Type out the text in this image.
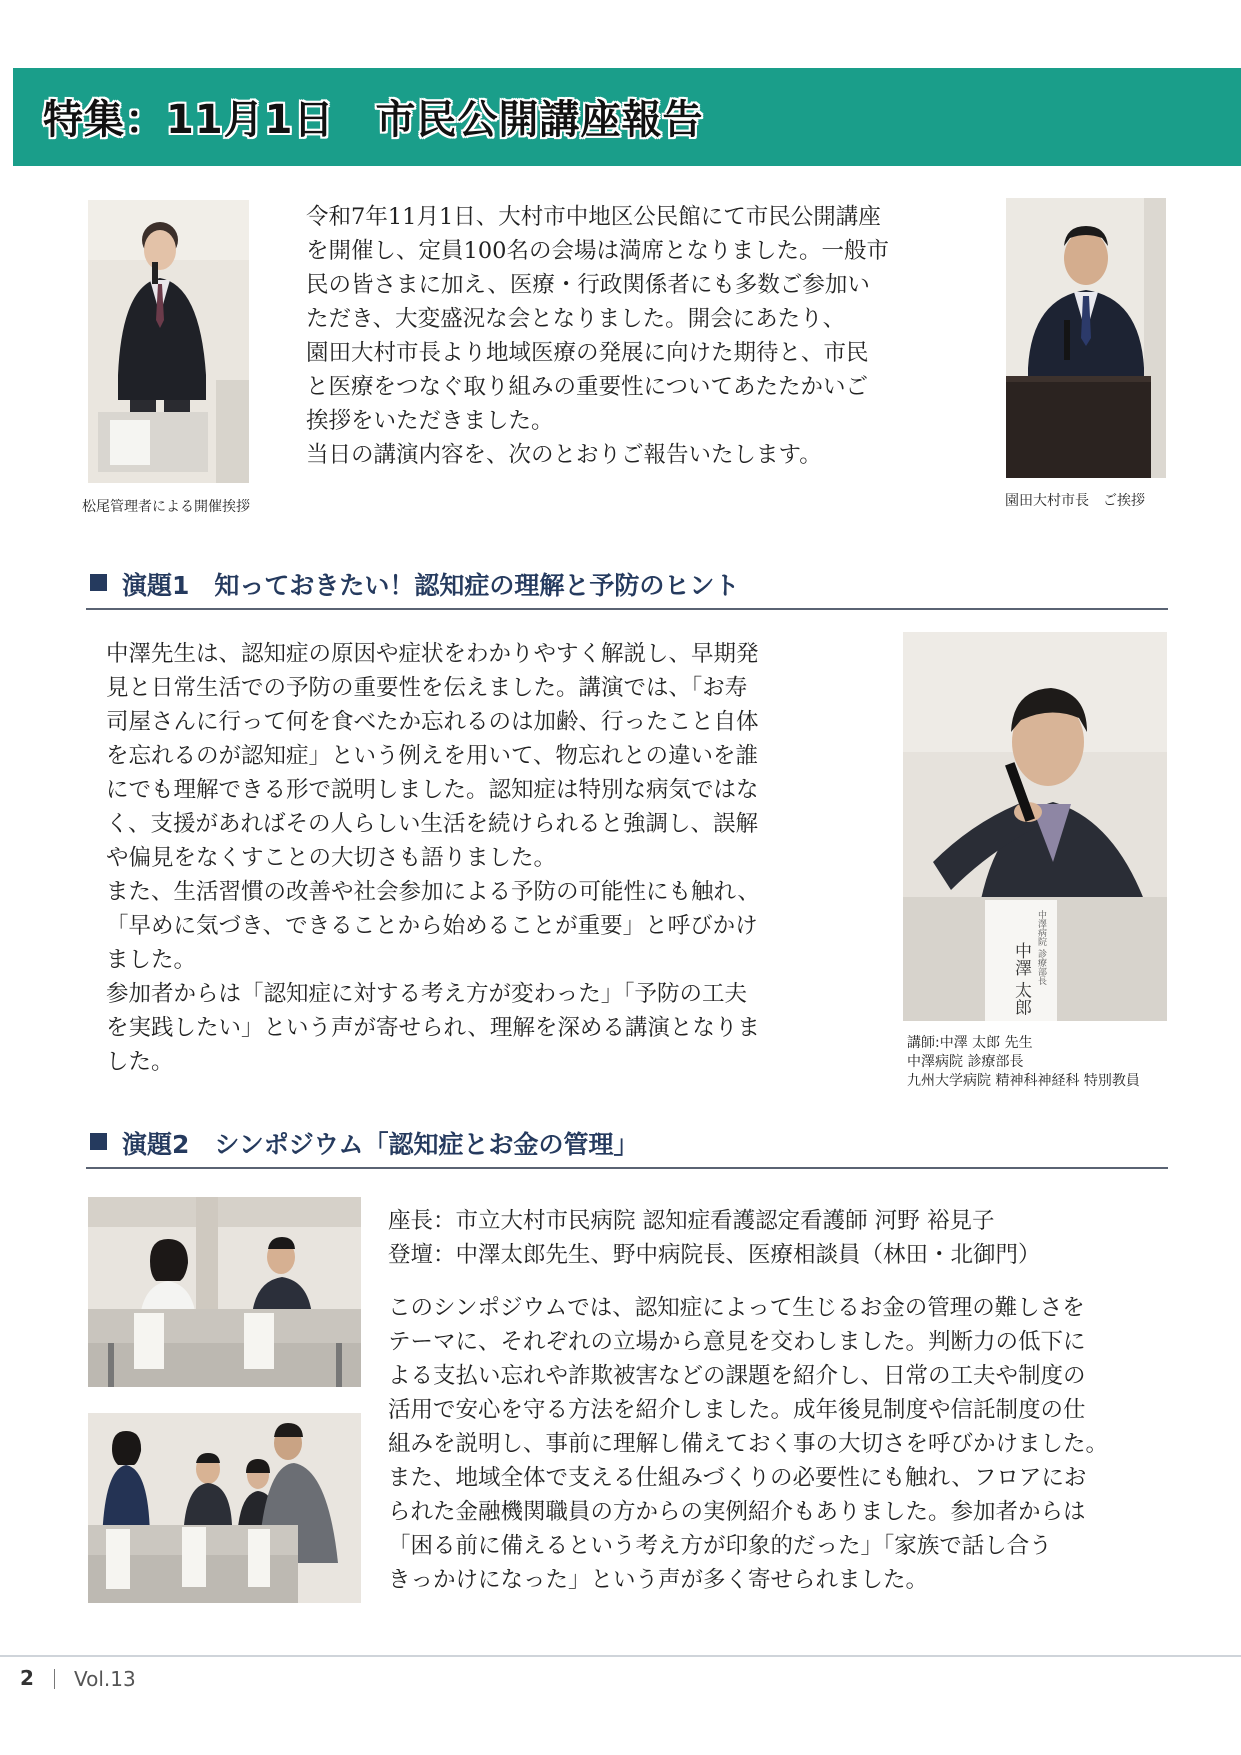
特集：11月1日　市民公開講座報告
松尾管理者による開催挨拶

令和7年11月1日、大村市中地区公民館にて市民公開講座

を開催し、定員100名の会場は満席となりました。一般市

民の皆さまに加え、医療・行政関係者にも多数ご参加い

ただき、大変盛況な会となりました。開会にあたり、

園田大村市長より地域医療の発展に向けた期待と、市民

と医療をつなぐ取り組みの重要性についてあたたかいご

挨拶をいただきました。

当日の講演内容を、次のとおりご報告いたします。

園田大村市長　ご挨拶
演題1　知っておきたい！認知症の理解と予防のヒント

中澤先生は、認知症の原因や症状をわかりやすく解説し、早期発

見と日常生活での予防の重要性を伝えました。講演では、「お寿

司屋さんに行って何を食べたか忘れるのは加齢、行ったこと自体

を忘れるのが認知症」という例えを用いて、物忘れとの違いを誰

にでも理解できる形で説明しました。認知症は特別な病気ではな

く、支援があればその人らしい生活を続けられると強調し、誤解

や偏見をなくすことの大切さも語りました。

また、生活習慣の改善や社会参加による予防の可能性にも触れ、

「早めに気づき、できることから始めることが重要」と呼びかけ

ました。

参加者からは「認知症に対する考え方が変わった」「予防の工夫

を実践したい」という声が寄せられ、理解を深める講演となりま

した。

中澤 太郎 中澤病院 診療部長
講師:中澤 太郎 先生
中澤病院 診療部長
九州大学病院 精神科神経科 特別教員
演題2　シンポジウム「認知症とお金の管理」

座長：市立大村市民病院 認知症看護認定看護師 河野 裕見子

登壇：中澤太郎先生、野中病院長、医療相談員（林田・北御門）

このシンポジウムでは、認知症によって生じるお金の管理の難しさを

テーマに、それぞれの立場から意見を交わしました。判断力の低下に

よる支払い忘れや詐欺被害などの課題を紹介し、日常の工夫や制度の

活用で安心を守る方法を紹介しました。成年後見制度や信託制度の仕

組みを説明し、事前に理解し備えておく事の大切さを呼びかけました。

また、地域全体で支える仕組みづくりの必要性にも触れ、フロアにお

られた金融機関職員の方からの実例紹介もありました。参加者からは

「困る前に備えるという考え方が印象的だった」「家族で話し合う

きっかけになった」という声が多く寄せられました。

2 Vol.13
